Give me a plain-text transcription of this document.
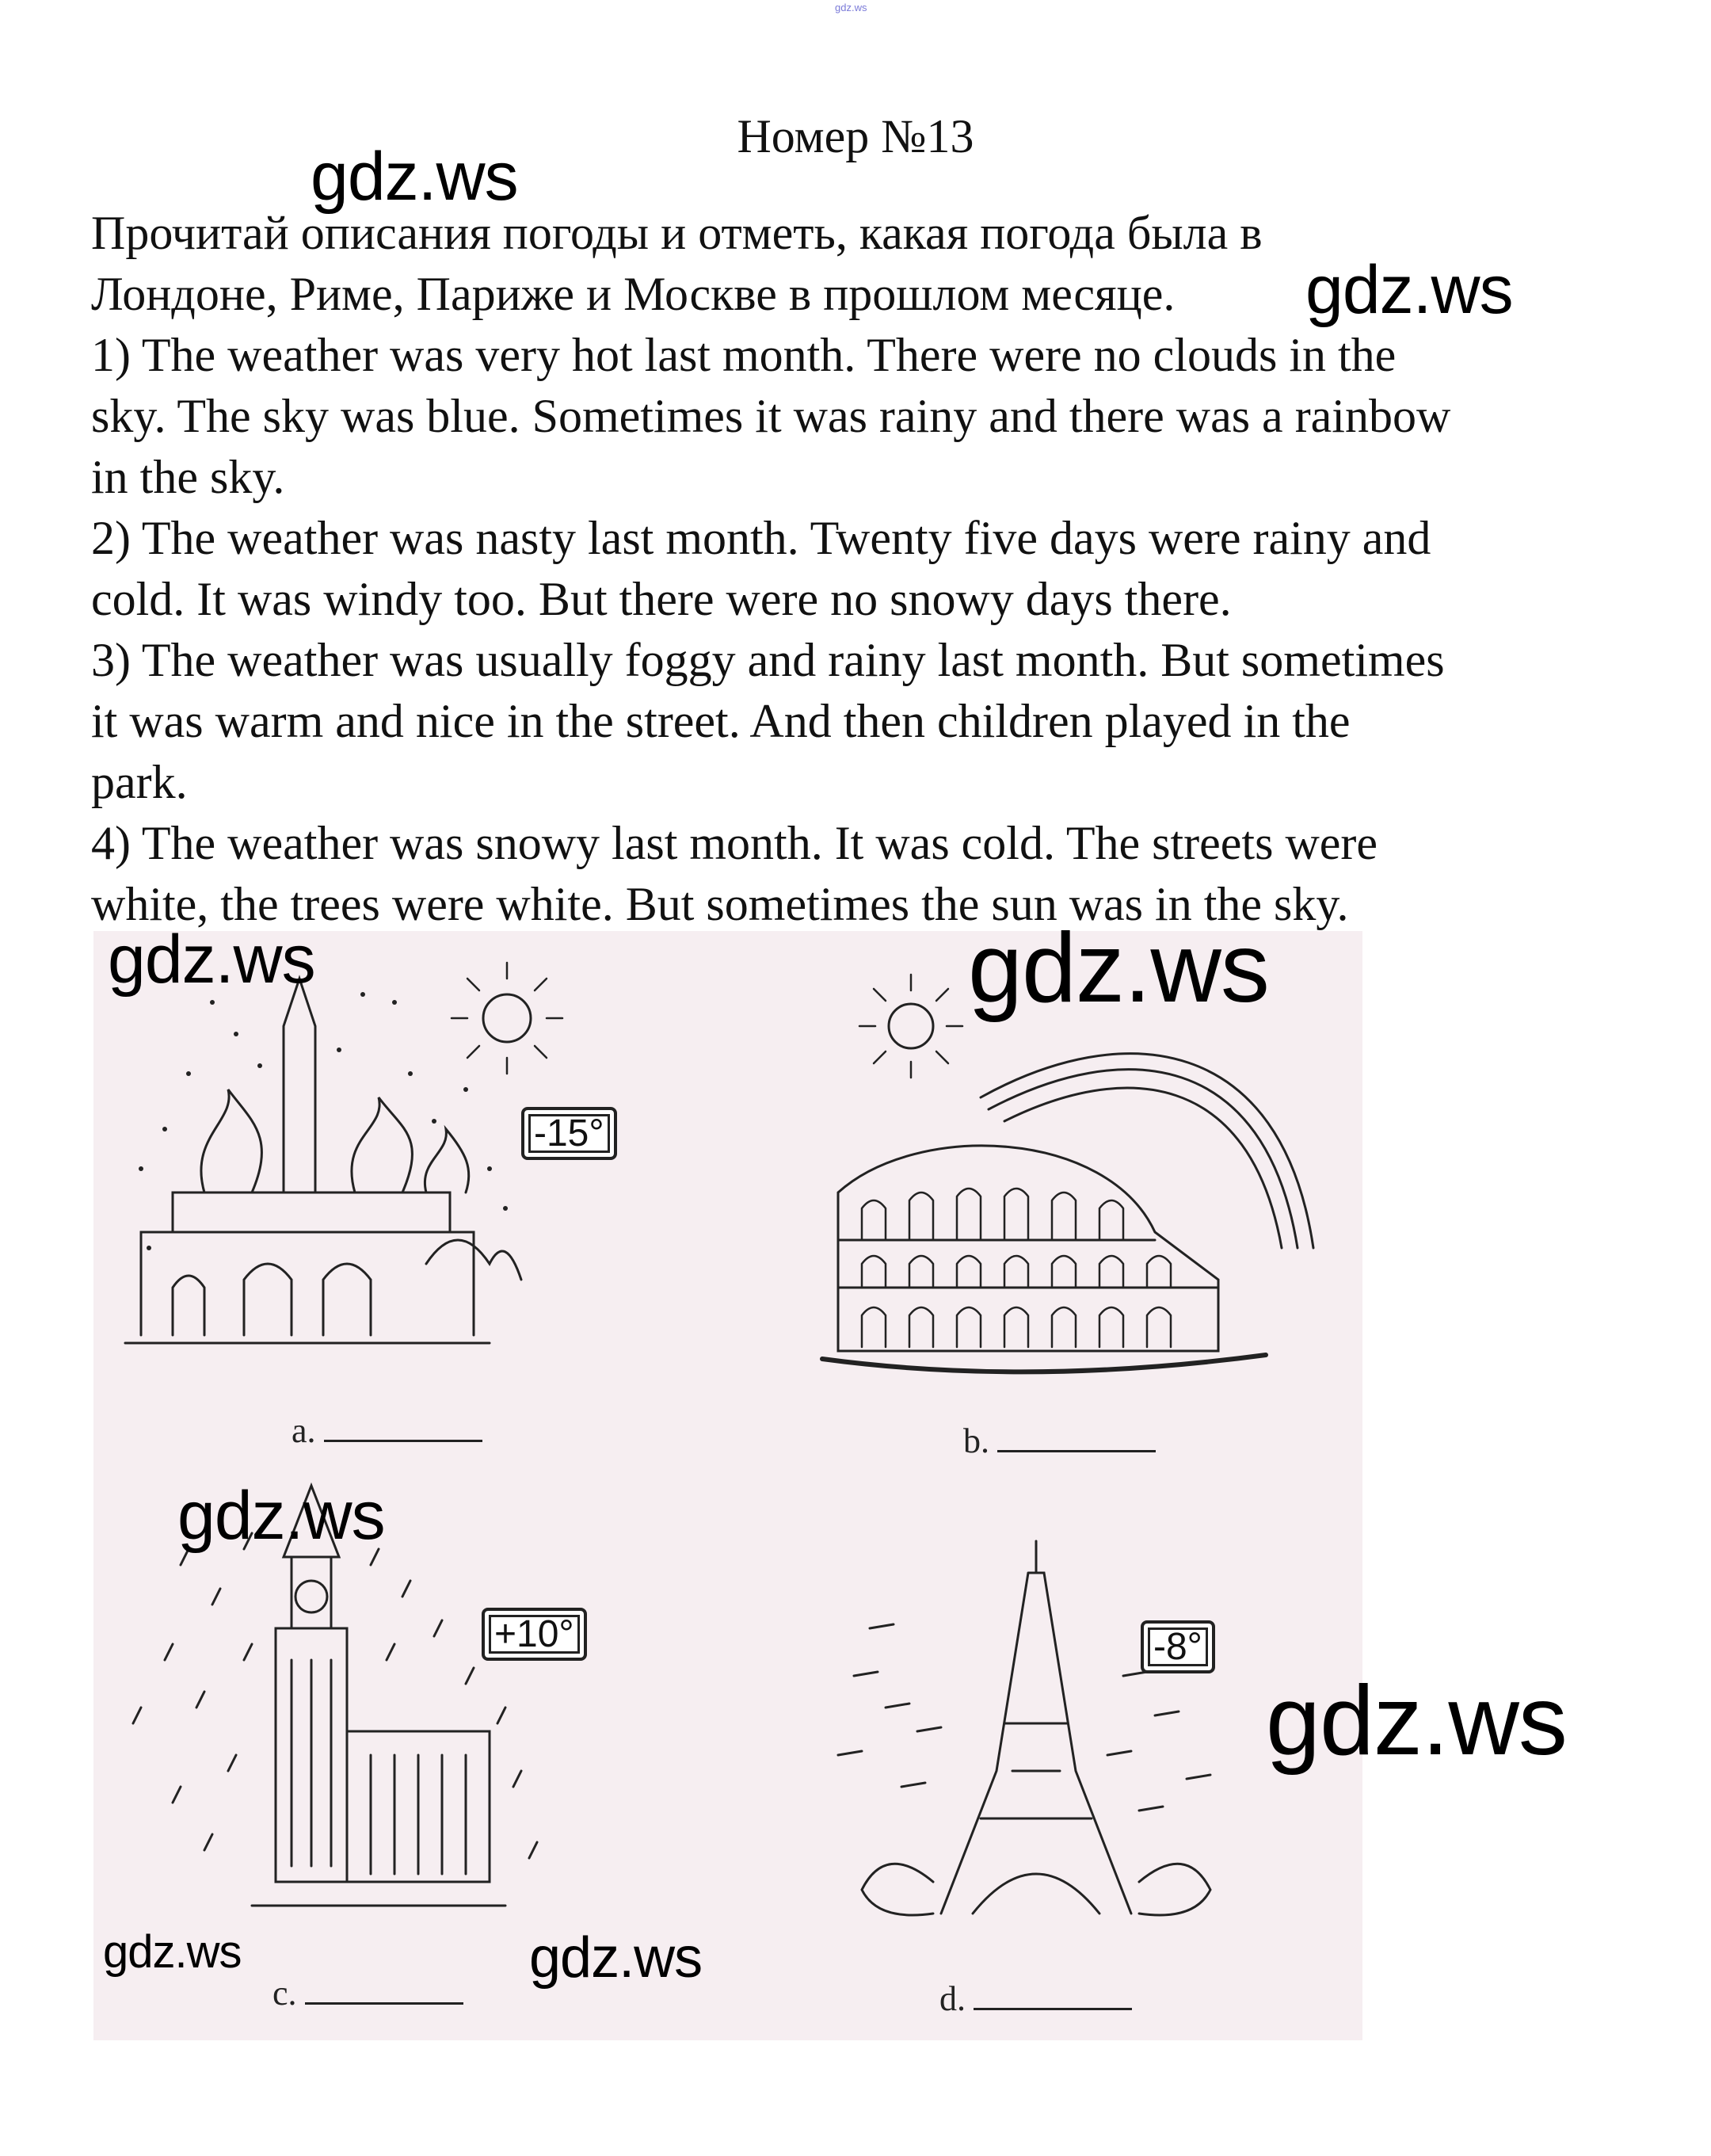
gdz.ws
Номер №13

Прочитай описания погоды и отметь, какая погода была в

Лондоне, Риме, Париже и Москве в прошлом месяце.

1) The weather was very hot last month. There were no clouds in the

sky. The sky was blue. Sometimes it was rainy and there was a rainbow

in the sky.

2) The weather was nasty last month. Twenty five days were rainy and

cold. It was windy too. But there were no snowy days there.

3) The weather was usually foggy and rainy last month. But sometimes

it was warm and nice in the street. And then children played in the

park.

4) The weather was snowy last month. It was cold. The streets were

white, the trees were white. But sometimes the sun was in the sky.

-15°
+10°	-8°
a.	b.
c.	d.
gdz.ws
gdz.ws
gdz.ws	gdz.ws
gdz.ws
gdz.ws
gdz.ws	gdz.ws
